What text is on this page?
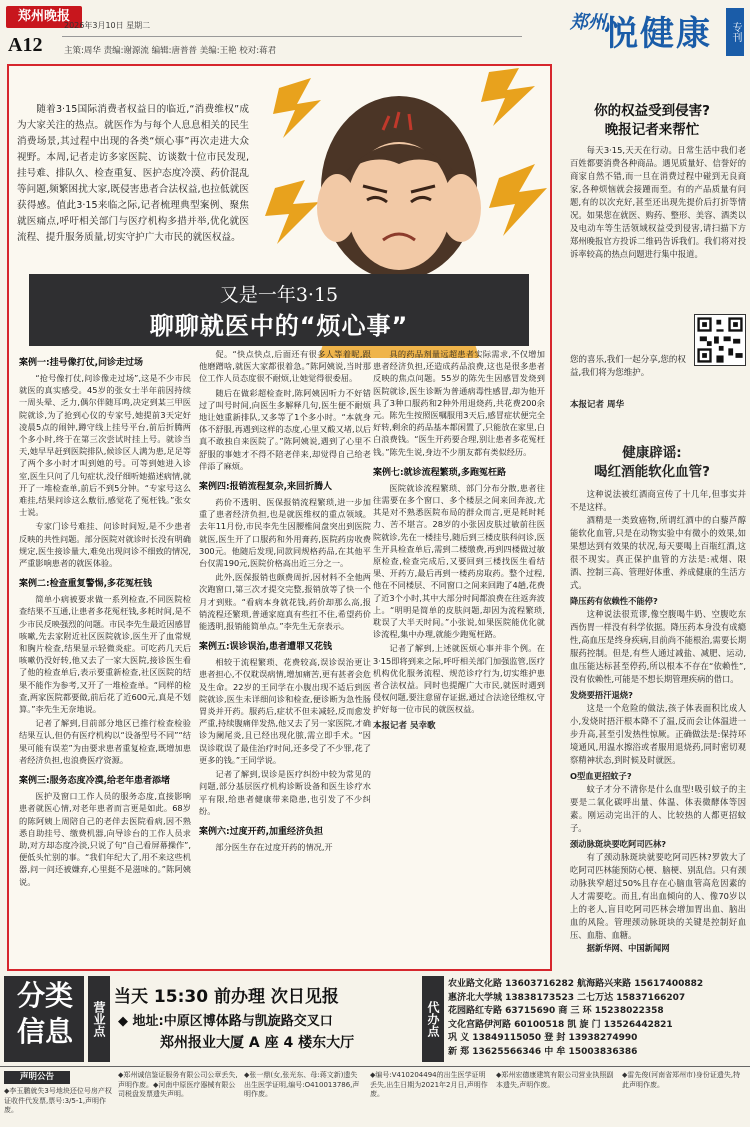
郑州晚报
A12
2026年3月10日 星期二
主策:周华 责编:谢源流 编辑:唐普普 美编:王艳 校对:蒋君
郑州
悦健康	专刊
随着3·15国际消费者权益日的临近,“消费维权”成为大家关注的热点。就医作为与每个人息息相关的民生消费场景,其过程中出现的各类“烦心事”再次走进大众视野。本周,记者走访多家医院、访谈数十位市民发现,挂号难、排队久、检查重复、医护态度冷漠、药价混乱等问题,频繁困扰大家,既侵害患者合法权益,也拉低就医获得感。值此3·15来临之际,记者梳理典型案例、聚焦就医痛点,呼吁相关部门与医疗机构多措并举,优化就医流程、提升服务质量,切实守护广大市民的就医权益。
又是一年3·15
聊聊就医中的“烦心事”
案例一:挂号像打仗,问诊走过场

“抢号像打仗,问诊像走过场”,这是不少市民就医的真实感受。45岁的张女士半年前因持续一周头晕、乏力,偶尔伴随耳鸣,决定到某三甲医院就诊,为了抢到心仪的专家号,她提前3天定好凌晨5点的闹钟,蹲守线上挂号平台,前后折腾两个多小时,终于在第三次尝试时挂上号。就诊当天,她早早赶到医院排队,候诊区人满为患,足足等了两个多小时才叫到她的号。可等到她进入诊室,医生只问了几句症状,没仔细听她描述病情,就开了一堆检查单,前后不到5分钟。“专家号这么难挂,结果问诊这么敷衍,感觉花了冤枉钱。”张女士说。

专家门诊号难挂、问诊时间短,是不少患者反映的共性问题。部分医院对就诊时长没有明确规定,医生接诊量大,难免出现问诊不细致的情况,严重影响患者的就医体验。

案例二:检查重复警惕,多花冤枉钱

简单小病被要求做一系列检查,不同医院检查结果不互通,让患者多花冤枉钱,多耗时间,是不少市民反映强烈的问题。市民李先生最近因感冒咳嗽,先去家附近社区医院就诊,医生开了血常规和胸片检查,结果显示轻微炎症。可吃药几天后咳嗽仍没好转,他又去了一家大医院,接诊医生看了他的检查单后,表示要重新检查,社区医院的结果不能作为参考,又开了一堆检查单。“同样的检查,两家医院都要做,前后花了近600元,真是不划算。”李先生无奈地说。

记者了解到,目前部分地区已推行检查检验结果互认,但仍有医疗机构以“设备型号不同”“结果可能有误差”为由要求患者重复检查,既增加患者经济负担,也浪费医疗资源。

案例三:服务态度冷漠,给老年患者添堵

医护及窗口工作人员的服务态度,直接影响患者就医心情,对老年患者而言更是如此。68岁的陈阿姨上周陪自己的老伴去医院看病,因不熟悉自助挂号、缴费机器,向导诊台的工作人员求助,对方却态度冷淡,只说了句“自己看屏幕操作”,便低头忙别的事。“我们年纪大了,用不来这些机器,问一问还被嫌弃,心里挺不是滋味的。”陈阿姨说。

促。“快点快点,后面还有很多人等着呢,跟他磨蹭啥,就医大家都很着急。”陈阿姨说,当时那位工作人员态度很不耐烦,让她觉得很委屈。

随后在做彩超检查时,陈阿姨因听力不好错过了叫号时间,向医生多解释几句,医生便不耐烦地让她重新排队,又多等了1个多小时。“本就身体不舒服,再遇到这样的态度,心里又酸又堵,以后真不敢独自来医院了。”陈阿姨说,遇到了心里不舒服的事她才不得不陪老伴来,却觉得自己给老伴添了麻烦。

案例四:报销流程复杂,来回折腾人

药价不透明、医保报销流程繁琐,进一步加重了患者经济负担,也是就医维权的重点领域。去年11月份,市民李先生因腰椎间盘突出到医院就医,医生开了口服药和外用膏药,医院药房收费300元。他随后发现,同款同规格药品,在其他平台仅需190元,医院价格高出近三分之一。

此外,医保报销也颇费周折,因材料不全他两次跑窗口,第三次才提交完整,报销放等了快一个月才到账。“看病本身就花钱,药价却那么高,报销流程还繁琐,普通家庭真有些扛不住,希望药价能透明,报销能简单点。”李先生无奈表示。

案例五:误诊误治,患者遭罪又花钱

相较于流程繁琐、花费较高,误诊误治更让患者担心,不仅耽误病情,增加痛苦,更有甚者会危及生命。22岁的王同学在小腹出现不适后到医院就诊,医生未详细问诊和检查,便诊断为急性肠胃炎并开药。服药后,症状不但未减轻,反而愈发严重,持续腹痛伴发热,他又去了另一家医院,才确诊为阑尾炎,且已经出现化脓,需立即手术。“因误诊耽误了最佳治疗时间,还多受了不少罪,花了更多的钱。”王同学说。

记者了解到,误诊是医疗纠纷中较为常见的问题,部分基层医疗机构诊断设备和医生诊疗水平有限,给患者健康带来隐患,也引发了不少纠纷。

案例六:过度开药,加重经济负担

部分医生存在过度开药的情况,开

具的药品剂量远超患者实际需求,不仅增加患者经济负担,还造成药品浪费,这也是很多患者反映的焦点问题。55岁的陈先生因感冒发烧到医院就诊,医生诊断为普通病毒性感冒,却为他开具了3种口服药和2种外用退烧药,共花费200余元。陈先生按照医嘱服用3天后,感冒症状便完全好转,剩余的药品基本都闲置了,只能放在家里,白白浪费钱。“医生开药要合理,别让患者多花冤枉钱。”陈先生说,身边不少朋友都有类似经历。

案例七:就诊流程繁琐,多跑冤枉路

医院就诊流程繁琐、部门分布分散,患者往往需要在多个窗口、多个楼层之间来回奔波,尤其是对不熟悉医院布局的群众而言,更是耗时耗力、苦不堪言。28岁的小张因皮肤过敏前往医院就诊,先在一楼挂号,随后到三楼皮肤科问诊,医生开具检查单后,需到二楼缴费,再到四楼做过敏原检查,检查完成后,又要回到三楼找医生看结果、开药方,最后再到一楼药房取药。整个过程,他在不同楼层、不同窗口之间来回跑了4趟,花费了近3个小时,其中大部分时间都浪费在往返奔波上。“明明是简单的皮肤问题,却因为流程繁琐,耽误了大半天时间。”小张说,如果医院能优化就诊流程,集中办理,就能少跑冤枉路。

记者了解到,上述就医烦心事并非个例。在3·15即将到来之际,呼吁相关部门加强监管,医疗机构优化服务流程、规范诊疗行为,切实维护患者合法权益。同时也提醒广大市民,就医时遇到侵权问题,要注意留存证据,通过合法途径维权,守护好每一位市民的就医权益。

本报记者 吴幸歌
你的权益受到侵害?
晚报记者来帮忙
每天3·15,天天在行动。日常生活中我们老百姓都要消费各种商品。遇见质量好、信誉好的商家自然不错,而一旦在消费过程中碰到无良商家,各种烦恼就会接踵而至。有的产品质量有问题,有的以次充好,甚至还出现先提价后打折等情况。如果您在就医、购药、整形、美容、酒类以及电动车等生活领域权益受到侵害,请扫描下方郑州晚报官方投诉二维码告诉我们。我们将对投诉率较高的热点问题进行集中报道。
您的喜乐,我们一起分享,您的权益,我们将为您维护。
本报记者 周华
健康辟谣:
喝红酒能软化血管?

这种说法被红酒商宣传了十几年,但事实并不是这样。

酒精是一类致癌物,所谓红酒中的白藜芦醇能软化血管,只是在动物实验中有微小的效果,如果想达到有效果的状况,每天要喝上百瓶红酒,这很不现实。真正保护血管的方法是:戒烟、限酒、控制三高、管理好体重、养成健康的生活方式。

降压药有依赖性不能停?

这种说法很荒谬,像空腹喝牛奶、空腹吃东西伤胃一样没有科学依据。降压药本身没有成瘾性,高血压是终身疾病,目前尚不能根治,需要长期服药控制。但是,有些人通过减盐、减肥、运动,血压能达标甚至停药,所以根本不存在“依赖性”,没有依赖性,可能是不想长期管理疾病的借口。

发烧要捂汗退烧?

这是一个危险的做法,孩子体表面积比成人小,发烧时捂汗根本降不了温,反而会让体温进一步升高,甚至引发热性惊厥。正确做法是:保持环境通风,用温水擦浴或者服用退烧药,同时密切观察精神状态,到时候及时就医。

O型血更招蚊子?

蚊子才分不清你是什么血型!吸引蚊子的主要是二氧化碳呼出量、体温、体表微酵体等因素。刚运动完出汗的人、比较热的人都更招蚊子。

颈动脉斑块要吃阿司匹林?

有了颈动脉斑块就要吃阿司匹林?罗敦大了吃阿司匹林能预防心梗、脑梗、别乱信。只有颈动脉狭窄超过50%且存在心脑血管高危因素的人才需要吃。而且,有出血倾向的人、像70岁以上的老人,盲目吃阿司匹林会增加胃出血、脑出血的风险。管理颈动脉斑块的关键是控制好血压、血脂、血糖。

据新华网、中国新闻网

分类信息	营业点
当天 15:30 前办理 次日见报
◆ 地址:中原区博体路与凯旋路交叉口
郑州报业大厦 A 座 4 楼东大厅
代办点
农业路文化路 13603716282 航海路兴来路 15617400882
惠济北大学城 13838173523 二七万达 15837166207
花园路红专路 63715690 商 三 环 15238022358
文化宫路伊河路 60100518 凯 旋 门 13526442821
巩 义 13849115050 登 封 13938274990
新 郑 13625566346 中 牟 15003836386
声明公告
◆李玉鹏就失3号地块还位号房产权证收件代发票,票号:3/5-1,声明作废。
◆郑州诚信鉴证服务有限公司公章丢失,声明作废。◆河南中原医疗器械有限公司税盘发票遗失声明。
◆张一鼎(女,张光东、母:蒋文新)遗失出生医学证明,编号:O410013786,声明作废。
◆编号:V410204494的出生医学证明丢失,出生日期为2021年2月日,声明作废。
◆郑州宏德康建筑有限公司营业执照副本遗失,声明作废。
◆雷先俊(河南省郑州市)身份证遗失,特此声明作废。
